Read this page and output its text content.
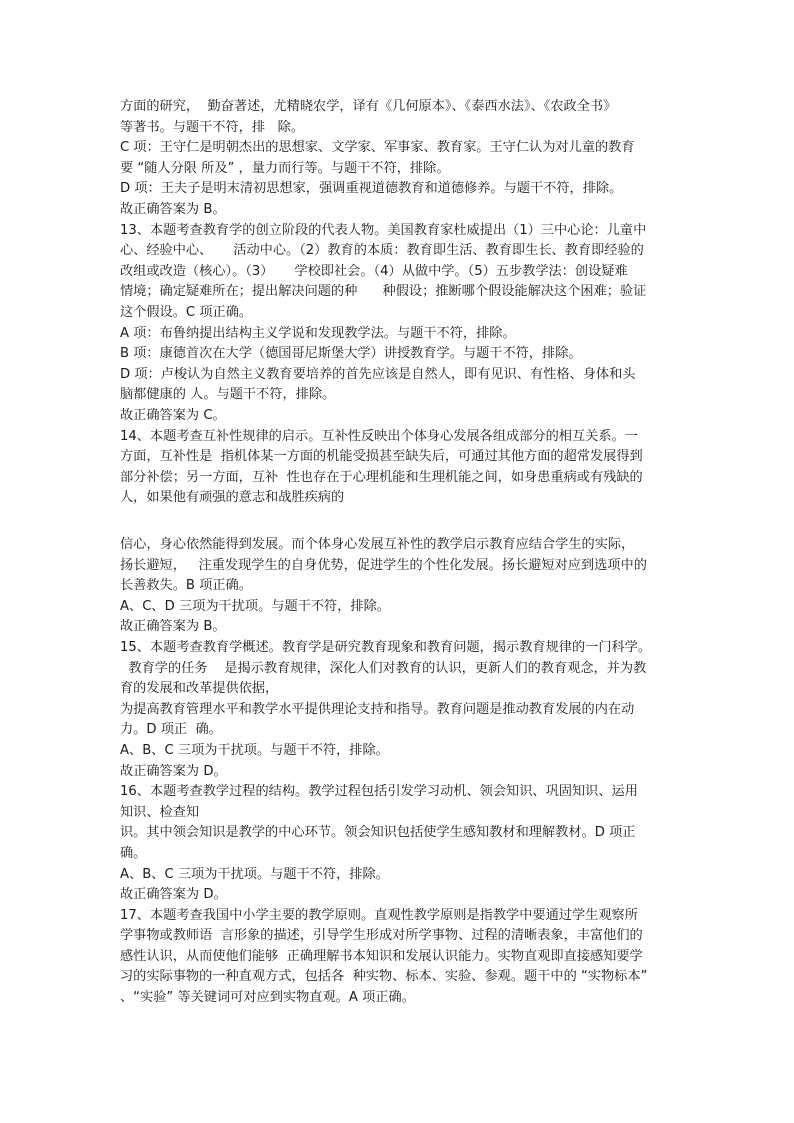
方面的研究，  勤奋著述，尤精晓农学，译有《几何原本》、《泰西水法》、《农政全书》
等著书。与题干不符，排   除。
C 项：王守仁是明朝杰出的思想家、文学家、军事家、教育家。王守仁认为对儿童的教育
要 “随人分限 所及” ，量力而行等。与题干不符，排除。
D 项：王夫子是明末清初思想家，强调重视道德教育和道德修养。与题干不符，排除。
故正确答案为 B。
13、本题考查教育学的创立阶段的代表人物。美国教育家杜威提出（1）三中心论：儿童中
心、经验中心、     活动中心。（2）教育的本质：教育即生活、教育即生长、教育即经验的
改组或改造（核心）。（3）     学校即社会。（4）从做中学。（5）五步教学法：创设疑难
情境；确定疑难所在；提出解决问题的种      种假设；推断哪个假设能解决这个困难；验证
这个假设。C 项正确。
A 项：布鲁纳提出结构主义学说和发现教学法。与题干不符，排除。
B 项：康德首次在大学（德国哥尼斯堡大学）讲授教育学。与题干不符，排除。
D 项：卢梭认为自然主义教育要培养的首先应该是自然人，即有见识、有性格、身体和头
脑都健康的 人。与题干不符，排除。
故正确答案为 C。
14、本题考查互补性规律的启示。互补性反映出个体身心发展各组成部分的相互关系。一
方面，互补性是  指机体某一方面的机能受损甚至缺失后，可通过其他方面的超常发展得到
部分补偿；另一方面，互补  性也存在于心理机能和生理机能之间，如身患重病或有残缺的
人，如果他有顽强的意志和战胜疾病的
信心，身心依然能得到发展。而个体身心发展互补性的教学启示教育应结合学生的实际，
扬长避短，   注重发现学生的自身优势，促进学生的个性化发展。扬长避短对应到选项中的
长善救失。B 项正确。
A、C、D 三项为干扰项。与题干不符，排除。
故正确答案为 B。
15、本题考查教育学概述。教育学是研究教育现象和教育问题，揭示教育规律的一门科学。
教育学的任务    是揭示教育规律，深化人们对教育的认识，更新人们的教育观念，并为教
育的发展和改革提供依据，
为提高教育管理水平和教学水平提供理论支持和指导。教育问题是推动教育发展的内在动
力。D 项正  确。
A、B、C 三项为干扰项。与题干不符，排除。
故正确答案为 D。
16、本题考查教学过程的结构。教学过程包括引发学习动机、领会知识、巩固知识、运用
知识、检查知
识。其中领会知识是教学的中心环节。领会知识包括使学生感知教材和理解教材。D 项正
确。
A、B、C 三项为干扰项。与题干不符，排除。
故正确答案为 D。
17、本题考查我国中小学主要的教学原则。直观性教学原则是指教学中要通过学生观察所
学事物或教师语  言形象的描述，引导学生形成对所学事物、过程的清晰表象，丰富他们的
感性认识，从而使他们能够  正确理解书本知识和发展认识能力。实物直观即直接感知要学
习的实际事物的一种直观方式，包括各  种实物、标本、实验、参观。题干中的 “实物标本”
、“实验” 等关键词可对应到实物直观。A 项正确。
